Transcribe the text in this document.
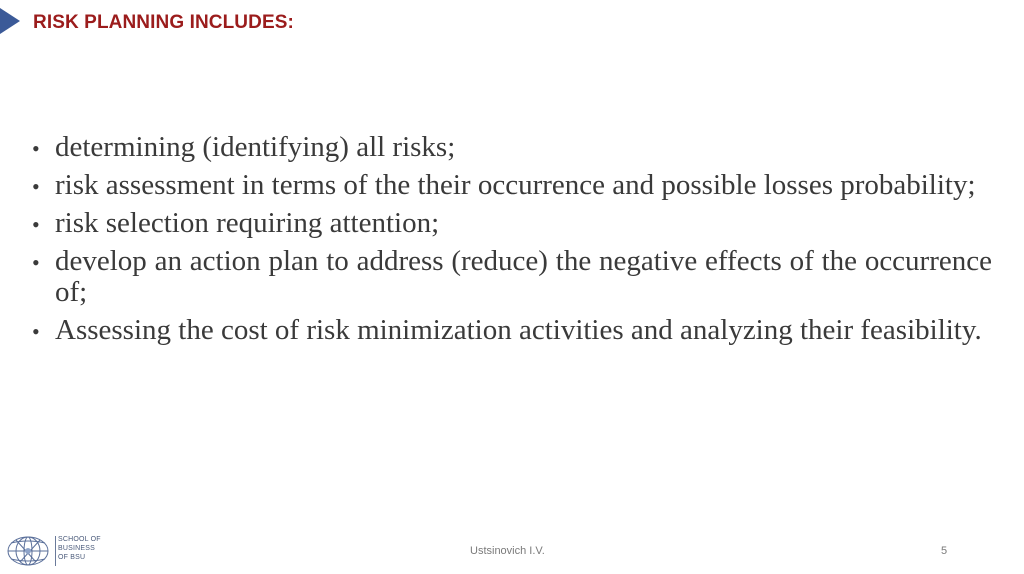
RISK PLANNING INCLUDES:
• determining (identifying) all risks;
• risk assessment in terms of the their occurrence and possible losses probability;
• risk selection requiring attention;
• develop an action plan to address (reduce) the negative effects of the occurrence of;
• Assessing the cost of risk minimization activities and analyzing their feasibility.
SCHOOL OF
BUSINESS
OF BSU
Ustsinovich I.V.	5
